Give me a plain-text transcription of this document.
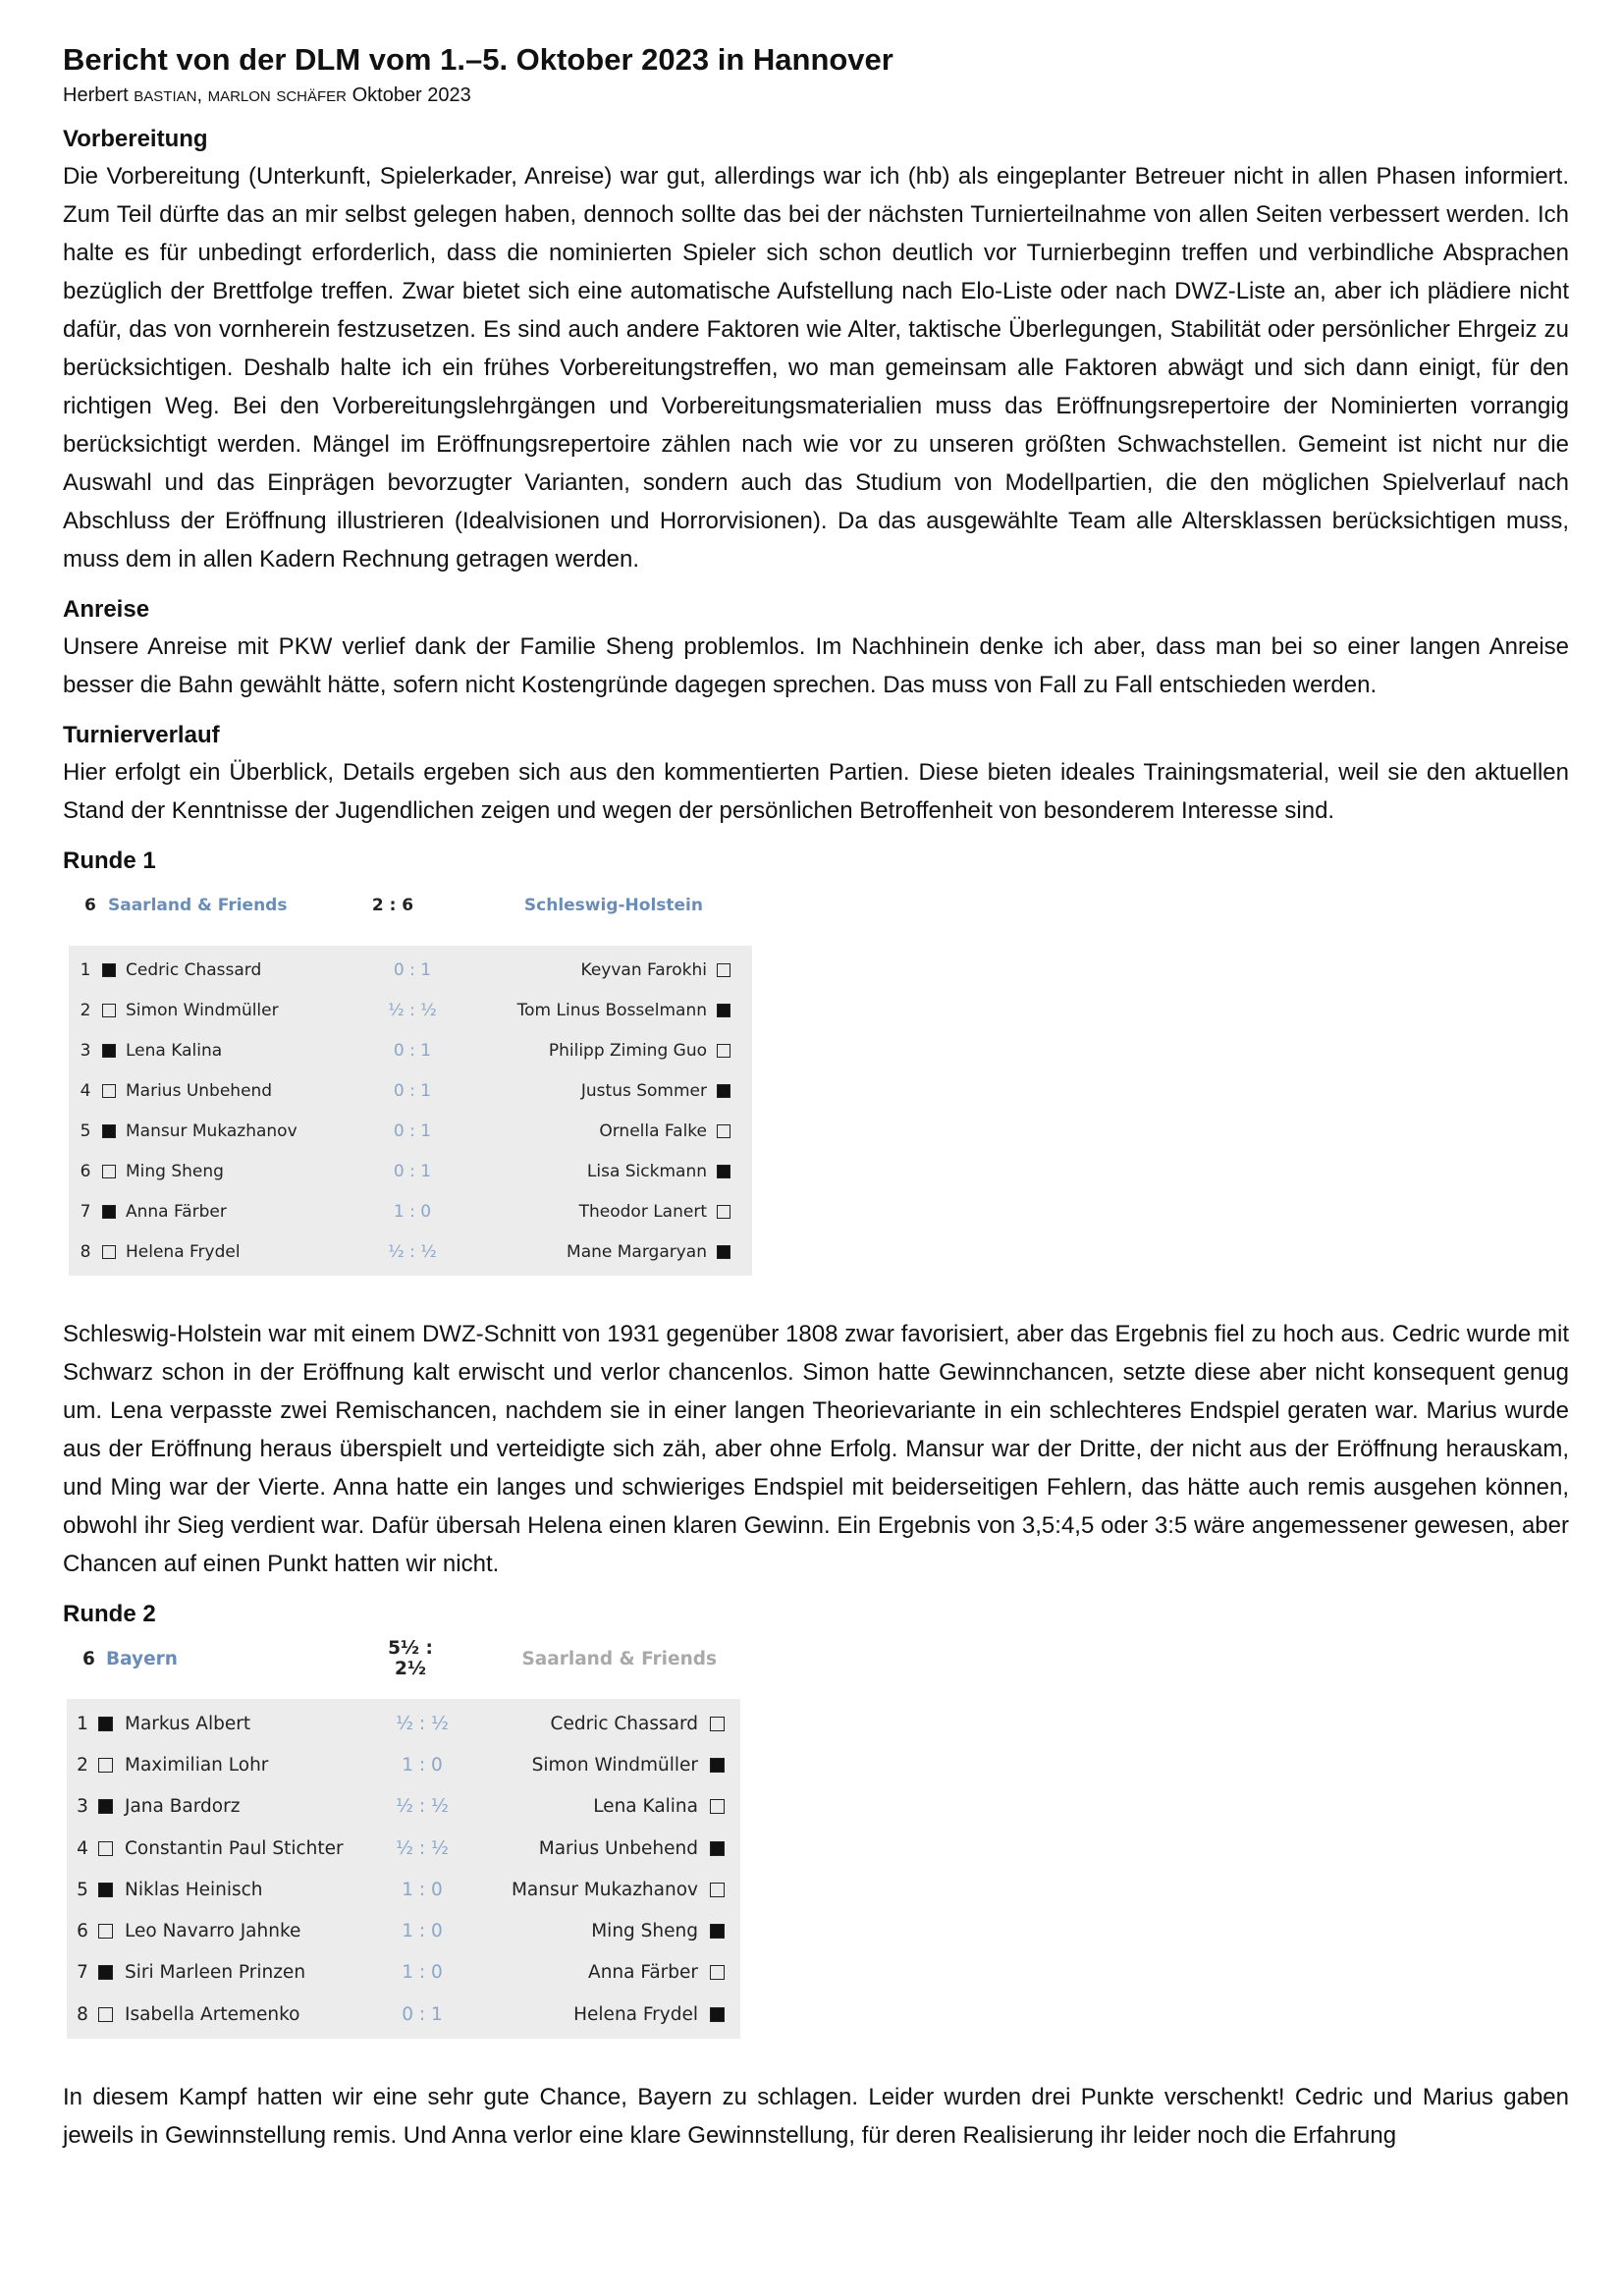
Bericht von der DLM vom 1.–5. Oktober 2023 in Hannover
Herbert BASTIAN, MARLON SCHÄFER Oktober 2023
Vorbereitung

Die Vorbereitung (Unterkunft, Spielerkader, Anreise) war gut, allerdings war ich (hb) als eingeplanter Betreuer nicht in allen Phasen informiert. Zum Teil dürfte das an mir selbst gelegen haben, dennoch sollte das bei der nächsten Turnierteilnahme von allen Seiten verbessert werden. Ich halte es für unbedingt erforderlich, dass die nominierten Spieler sich schon deutlich vor Turnierbeginn treffen und verbindliche Absprachen bezüglich der Brettfolge treffen. Zwar bietet sich eine automatische Aufstellung nach Elo-Liste oder nach DWZ-Liste an, aber ich plädiere nicht dafür, das von vornherein festzusetzen. Es sind auch andere Faktoren wie Alter, taktische Überlegungen, Stabilität oder persönlicher Ehrgeiz zu berücksichtigen. Deshalb halte ich ein frühes Vorbereitungstreffen, wo man gemeinsam alle Faktoren abwägt und sich dann einigt, für den richtigen Weg. Bei den Vorbereitungslehrgängen und Vorbereitungsmaterialien muss das Eröffnungsrepertoire der Nominierten vorrangig berücksichtigt werden. Mängel im Eröffnungsrepertoire zählen nach wie vor zu unseren größten Schwachstellen. Gemeint ist nicht nur die Auswahl und das Einprägen bevorzugter Varianten, sondern auch das Studium von Modellpartien, die den möglichen Spielverlauf nach Abschluss der Eröffnung illustrieren (Idealvisionen und Horrorvisionen). Da das ausgewählte Team alle Altersklassen berücksichtigen muss, muss dem in allen Kadern Rechnung getragen werden.

Anreise

Unsere Anreise mit PKW verlief dank der Familie Sheng problemlos. Im Nachhinein denke ich aber, dass man bei so einer langen Anreise besser die Bahn gewählt hätte, sofern nicht Kostengründe dagegen sprechen. Das muss von Fall zu Fall entschieden werden.

Turnierverlauf

Hier erfolgt ein Überblick, Details ergeben sich aus den kommentierten Partien. Diese bieten ideales Trainingsmaterial, weil sie den aktuellen Stand der Kenntnisse der Jugendlichen zeigen und wegen der persönlichen Betroffenheit von besonderem Interesse sind.

Runde 1
6 Saarland & Friends	2 : 6	Schleswig-Holstein
1	Cedric Chassard	0 : 1	Keyvan Farokhi
2	Simon Windmüller	½ : ½	Tom Linus Bosselmann
3	Lena Kalina	0 : 1	Philipp Ziming Guo
4	Marius Unbehend	0 : 1	Justus Sommer
5	Mansur Mukazhanov	0 : 1	Ornella Falke
6	Ming Sheng	0 : 1	Lisa Sickmann
7	Anna Färber	1 : 0	Theodor Lanert
8	Helena Frydel	½ : ½	Mane Margaryan

Schleswig-Holstein war mit einem DWZ-Schnitt von 1931 gegenüber 1808 zwar favorisiert, aber das Ergebnis fiel zu hoch aus. Cedric wurde mit Schwarz schon in der Eröffnung kalt erwischt und verlor chancenlos. Simon hatte Gewinnchancen, setzte diese aber nicht konsequent genug um. Lena verpasste zwei Remischancen, nachdem sie in einer langen Theorievariante in ein schlechteres Endspiel geraten war. Marius wurde aus der Eröffnung heraus überspielt und verteidigte sich zäh, aber ohne Erfolg. Mansur war der Dritte, der nicht aus der Eröffnung herauskam, und Ming war der Vierte. Anna hatte ein langes und schwieriges Endspiel mit beiderseitigen Fehlern, das hätte auch remis ausgehen können, obwohl ihr Sieg verdient war. Dafür übersah Helena einen klaren Gewinn. Ein Ergebnis von 3,5:4,5 oder 3:5 wäre angemessener gewesen, aber Chancen auf einen Punkt hatten wir nicht.

Runde 2
6 Bayern	5½ : 2½	Saarland & Friends
1	Markus Albert	½ : ½	Cedric Chassard
2	Maximilian Lohr	1 : 0	Simon Windmüller
3	Jana Bardorz	½ : ½	Lena Kalina
4	Constantin Paul Stichter	½ : ½	Marius Unbehend
5	Niklas Heinisch	1 : 0	Mansur Mukazhanov
6	Leo Navarro Jahnke	1 : 0	Ming Sheng
7	Siri Marleen Prinzen	1 : 0	Anna Färber
8	Isabella Artemenko	0 : 1	Helena Frydel

In diesem Kampf hatten wir eine sehr gute Chance, Bayern zu schlagen. Leider wurden drei Punkte verschenkt! Cedric und Marius gaben jeweils in Gewinnstellung remis. Und Anna verlor eine klare Gewinnstellung, für deren Realisierung ihr leider noch die Erfahrung
